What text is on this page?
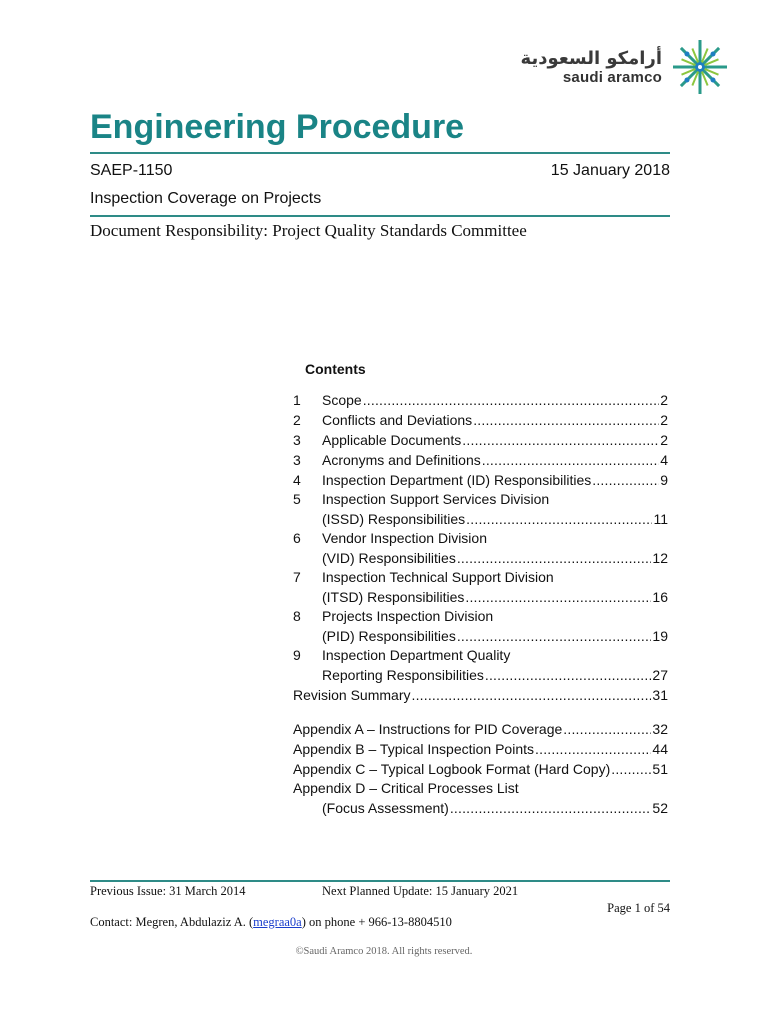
أرامكو السعودية
saudi aramco
Engineering Procedure
SAEP-1150	15 January 2018
Inspection Coverage on Projects
Document Responsibility: Project Quality Standards Committee
Contents
1	Scope .....	2
2	Conflicts and Deviations .....	2
3	Applicable Documents .....	2
3	Acronyms and Definitions .....	4
4	Inspection Department (ID) Responsibilities .....	9
5	Inspection Support Services Division
(ISSD) Responsibilities .....	11
6	Vendor Inspection Division
(VID) Responsibilities .....	12
7	Inspection Technical Support Division
(ITSD) Responsibilities .....	16
8	Projects Inspection Division
(PID) Responsibilities .....	19
9	Inspection Department Quality
Reporting Responsibilities .....	27
Revision Summary .....	31
Appendix A – Instructions for PID Coverage .....	32
Appendix B – Typical Inspection Points .....	44
Appendix C – Typical Logbook Format (Hard Copy) .....	51
Appendix D – Critical Processes List
(Focus Assessment) .....	52
Previous Issue: 31 March 2014	Next Planned Update: 15 January 2021
Page 1 of 54
Contact: Megren, Abdulaziz A. (megraa0a) on phone + 966-13-8804510
©Saudi Aramco 2018. All rights reserved.
